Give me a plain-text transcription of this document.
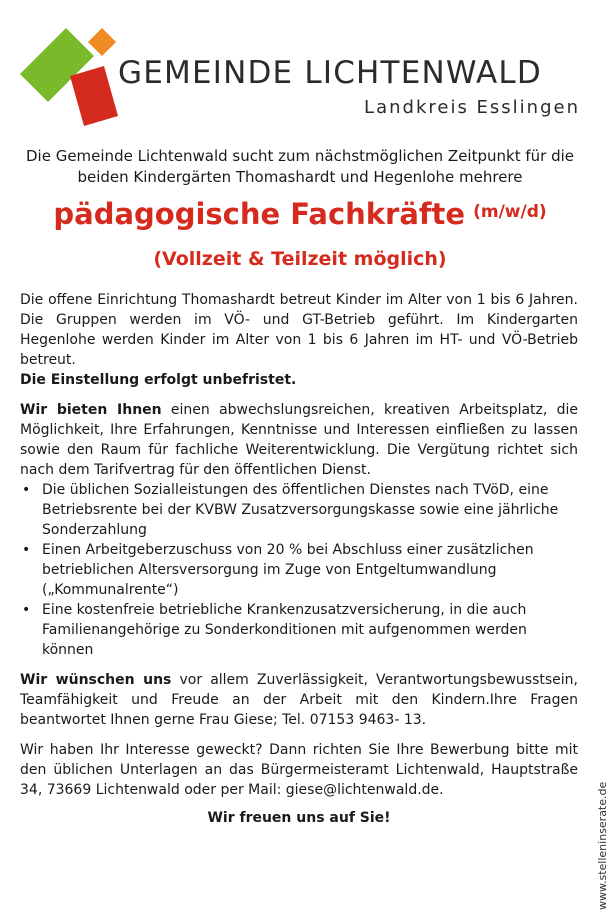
GEMEINDE LICHTENWALD
Landkreis Esslingen
Die Gemeinde Lichtenwald sucht zum nächstmöglichen Zeitpunkt für die beiden Kindergärten Thomashardt und Hegenlohe mehrere
pädagogische Fachkräfte (m/w/d)
(Vollzeit & Teilzeit möglich)

Die offene Einrichtung Thomashardt betreut Kinder im Alter von 1 bis 6 Jahren. Die Gruppen werden im VÖ- und GT-Betrieb geführt. Im Kindergarten Hegenlohe werden Kinder im Alter von 1 bis 6 Jahren im HT- und VÖ-Betrieb betreut.

Die Einstellung erfolgt unbefristet.

Wir bieten Ihnen einen abwechslungsreichen, kreativen Arbeitsplatz, die Möglichkeit, Ihre Erfahrungen, Kenntnisse und Interessen einfließen zu lassen sowie den Raum für fachliche Weiterentwicklung. Die Vergütung richtet sich nach dem Tarifvertrag für den öffentlichen Dienst.

• Die üblichen Sozialleistungen des öffentlichen Dienstes nach TVöD, eine Betriebsrente bei der KVBW Zusatzversorgungskasse sowie eine jährliche Sonderzahlung
• Einen Arbeitgeberzuschuss von 20 % bei Abschluss einer zusätzlichen betrieblichen Altersversorgung im Zuge von Entgeltumwandlung („Kommunalrente“)
• Eine kostenfreie betriebliche Krankenzusatzversicherung, in die auch Familienangehörige zu Sonderkonditionen mit aufgenommen werden können

Wir wünschen uns vor allem Zuverlässigkeit, Verantwortungsbewusstsein, Teamfähigkeit und Freude an der Arbeit mit den Kindern.Ihre Fragen beantwortet Ihnen gerne Frau Giese; Tel. 07153 9463- 13.

Wir haben Ihr Interesse geweckt? Dann richten Sie Ihre Bewerbung bitte mit den üblichen Unterlagen an das Bürgermeisteramt Lichtenwald, Hauptstraße 34, 73669 Lichtenwald oder per Mail: giese@lichtenwald.de.

Wir freuen uns auf Sie!	www.stelleninserate.de
